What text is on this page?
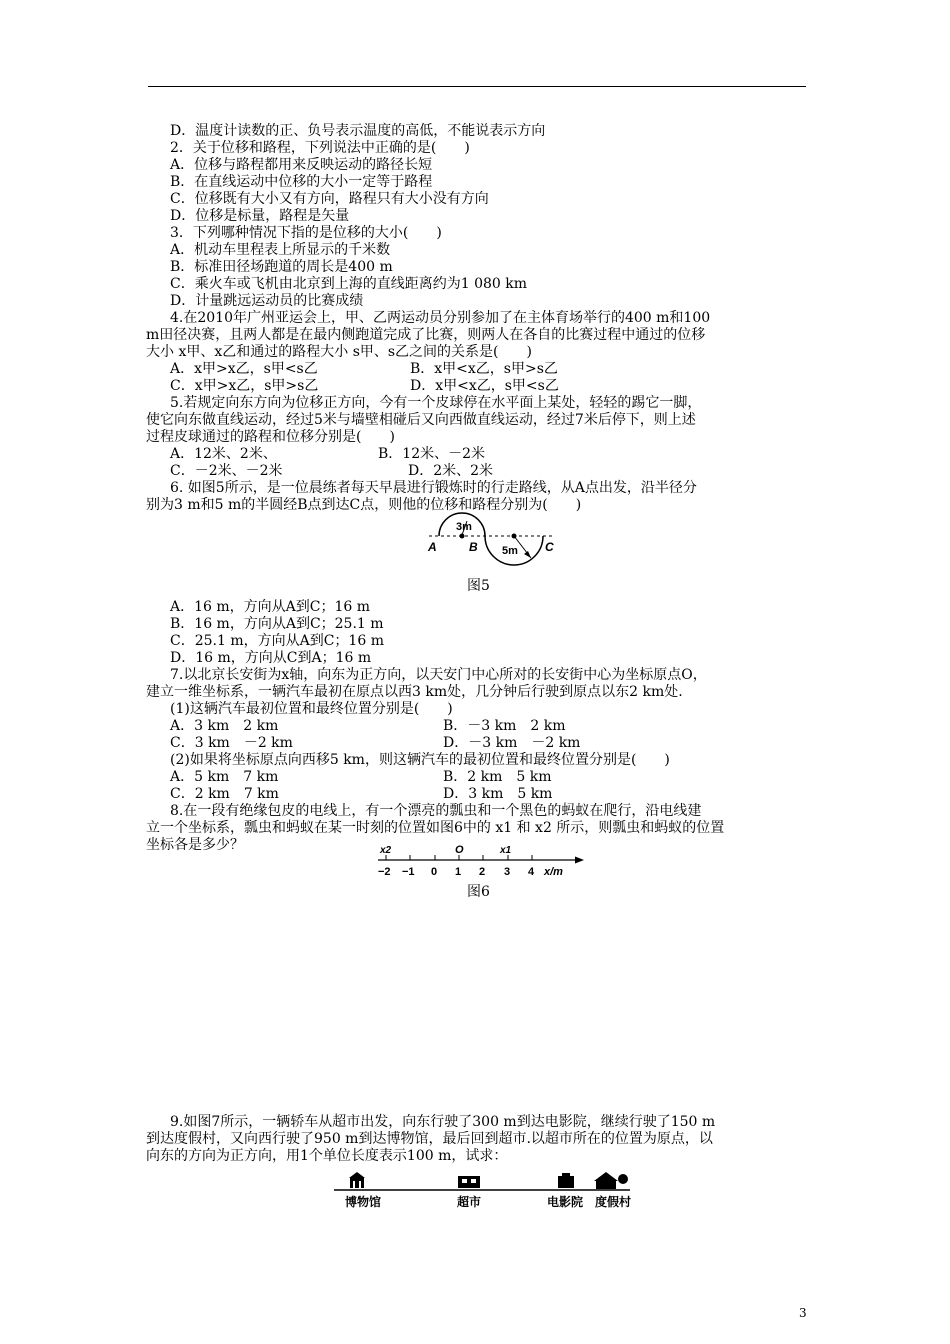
D．温度计读数的正、负号表示温度的高低，不能说表示方向
2．关于位移和路程，下列说法中正确的是(　　)
A．位移与路程都用来反映运动的路径长短
B．在直线运动中位移的大小一定等于路程
C．位移既有大小又有方向，路程只有大小没有方向
D．位移是标量，路程是矢量
3．下列哪种情况下指的是位移的大小(　　)
A．机动车里程表上所显示的千米数
B．标准田径场跑道的周长是400 m
C．乘火车或飞机由北京到上海的直线距离约为1 080 km
D．计量跳远运动员的比赛成绩
4.在2010年广州亚运会上，甲、乙两运动员分别参加了在主体育场举行的400 m和100
m田径决赛，且两人都是在最内侧跑道完成了比赛，则两人在各自的比赛过程中通过的位移
大小 x甲、x乙和通过的路程大小 s甲、s乙之间的关系是(　　)
A．x甲>x乙，s甲<s乙	B．x甲<x乙，s甲>s乙
C．x甲>x乙，s甲>s乙	D．x甲<x乙，s甲<s乙
5.若规定向东方向为位移正方向，今有一个皮球停在水平面上某处，轻轻的踢它一脚，
使它向东做直线运动，经过5米与墙壁相碰后又向西做直线运动，经过7米后停下，则上述
过程皮球通过的路程和位移分别是(　　)
A．12米、2米、	B．12米、－2米
C．－2米、－2米	D．2米、2米
6. 如图5所示，是一位晨练者每天早晨进行锻炼时的行走路线，从A点出发，沿半径分
别为3 m和5 m的半圆经B点到达C点，则他的位移和路程分别为(　　)
3m
5m
A	B	C
图5
A．16 m，方向从A到C；16 m
B．16 m，方向从A到C；25.1 m
C．25.1 m，方向从A到C；16 m
D．16 m，方向从C到A；16 m
7.以北京长安街为x轴，向东为正方向，以天安门中心所对的长安街中心为坐标原点O，
建立一维坐标系，一辆汽车最初在原点以西3 km处，几分钟后行驶到原点以东2 km处.
(1)这辆汽车最初位置和最终位置分别是(　　)
A．3 km　2 km	B．－3 km　2 km
C．3 km　－2 km	D．－3 km　－2 km
(2)如果将坐标原点向西移5 km，则这辆汽车的最初位置和最终位置分别是(　　)
A．5 km　7 km	B．2 km　5 km
C．2 km　7 km	D．3 km　5 km
8.在一段有绝缘包皮的电线上，有一个漂亮的瓢虫和一个黑色的蚂蚁在爬行，沿电线建
立一个坐标系，瓢虫和蚂蚁在某一时刻的位置如图6中的 x1 和 x2 所示，则瓢虫和蚂蚁的位置
坐标各是多少？	x2	O	x1
−2 −1 0 1 2 3 4 x/m
图6
9.如图7所示，一辆轿车从超市出发，向东行驶了300 m到达电影院，继续行驶了150 m
到达度假村，又向西行驶了950 m到达博物馆，最后回到超市.以超市所在的位置为原点，以
向东的方向为正方向，用1个单位长度表示100 m，试求：
博物馆	超市	电影院 度假村
3
